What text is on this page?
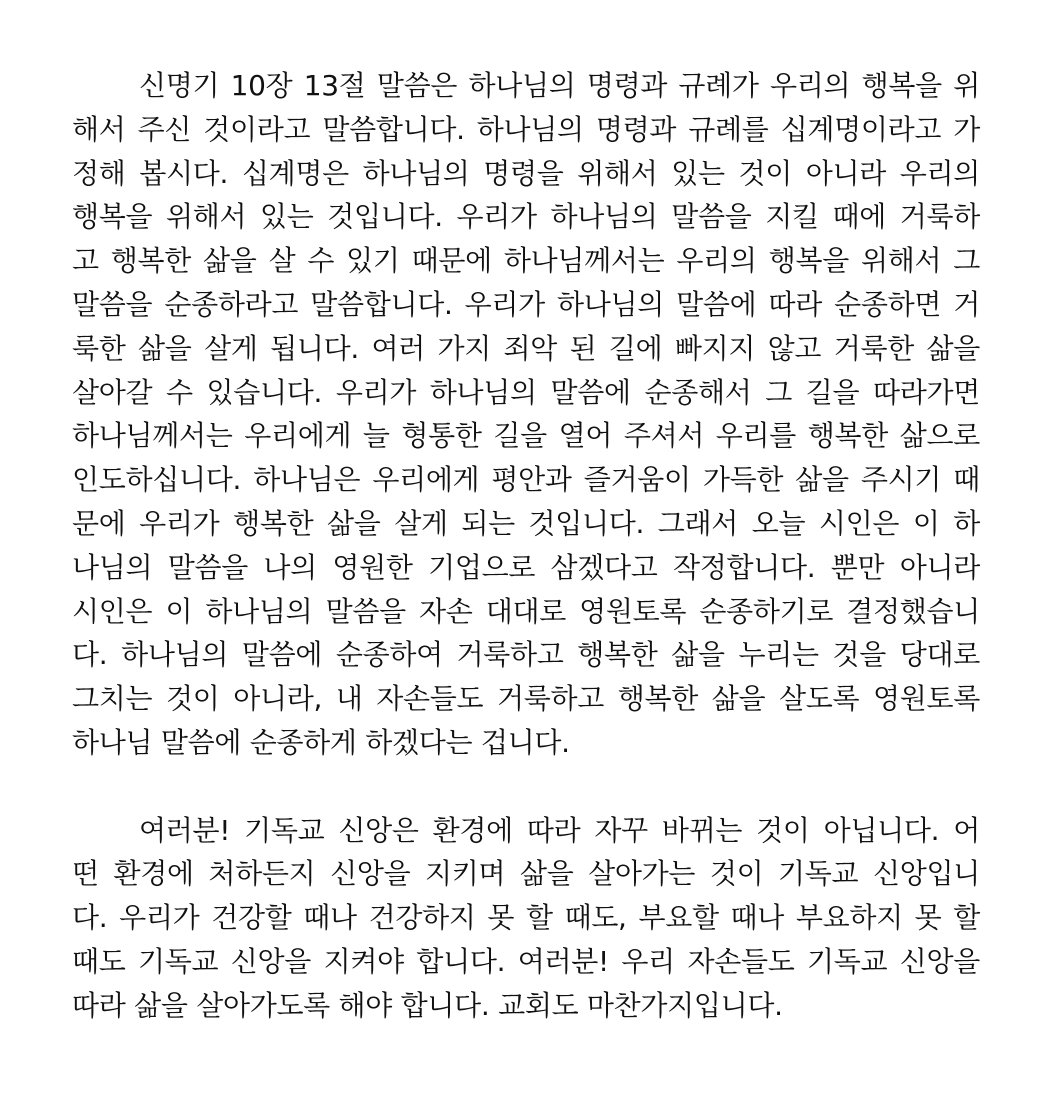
신명기 10장 13절 말씀은 하나님의 명령과 규례가 우리의 행복을 위
해서 주신 것이라고 말씀합니다. 하나님의 명령과 규례를 십계명이라고 가
정해 봅시다. 십계명은 하나님의 명령을 위해서 있는 것이 아니라 우리의
행복을 위해서 있는 것입니다. 우리가 하나님의 말씀을 지킬 때에 거룩하
고 행복한 삶을 살 수 있기 때문에 하나님께서는 우리의 행복을 위해서 그
말씀을 순종하라고 말씀합니다. 우리가 하나님의 말씀에 따라 순종하면 거
룩한 삶을 살게 됩니다. 여러 가지 죄악 된 길에 빠지지 않고 거룩한 삶을
살아갈 수 있습니다. 우리가 하나님의 말씀에 순종해서 그 길을 따라가면
하나님께서는 우리에게 늘 형통한 길을 열어 주셔서 우리를 행복한 삶으로
인도하십니다. 하나님은 우리에게 평안과 즐거움이 가득한 삶을 주시기 때
문에 우리가 행복한 삶을 살게 되는 것입니다. 그래서 오늘 시인은 이 하
나님의 말씀을 나의 영원한 기업으로 삼겠다고 작정합니다. 뿐만 아니라
시인은 이 하나님의 말씀을 자손 대대로 영원토록 순종하기로 결정했습니
다. 하나님의 말씀에 순종하여 거룩하고 행복한 삶을 누리는 것을 당대로
그치는 것이 아니라, 내 자손들도 거룩하고 행복한 삶을 살도록 영원토록
하나님 말씀에 순종하게 하겠다는 겁니다.
여러분! 기독교 신앙은 환경에 따라 자꾸 바뀌는 것이 아닙니다. 어
떤 환경에 처하든지 신앙을 지키며 삶을 살아가는 것이 기독교 신앙입니
다. 우리가 건강할 때나 건강하지 못 할 때도, 부요할 때나 부요하지 못 할
때도 기독교 신앙을 지켜야 합니다. 여러분! 우리 자손들도 기독교 신앙을
따라 삶을 살아가도록 해야 합니다. 교회도 마찬가지입니다.
